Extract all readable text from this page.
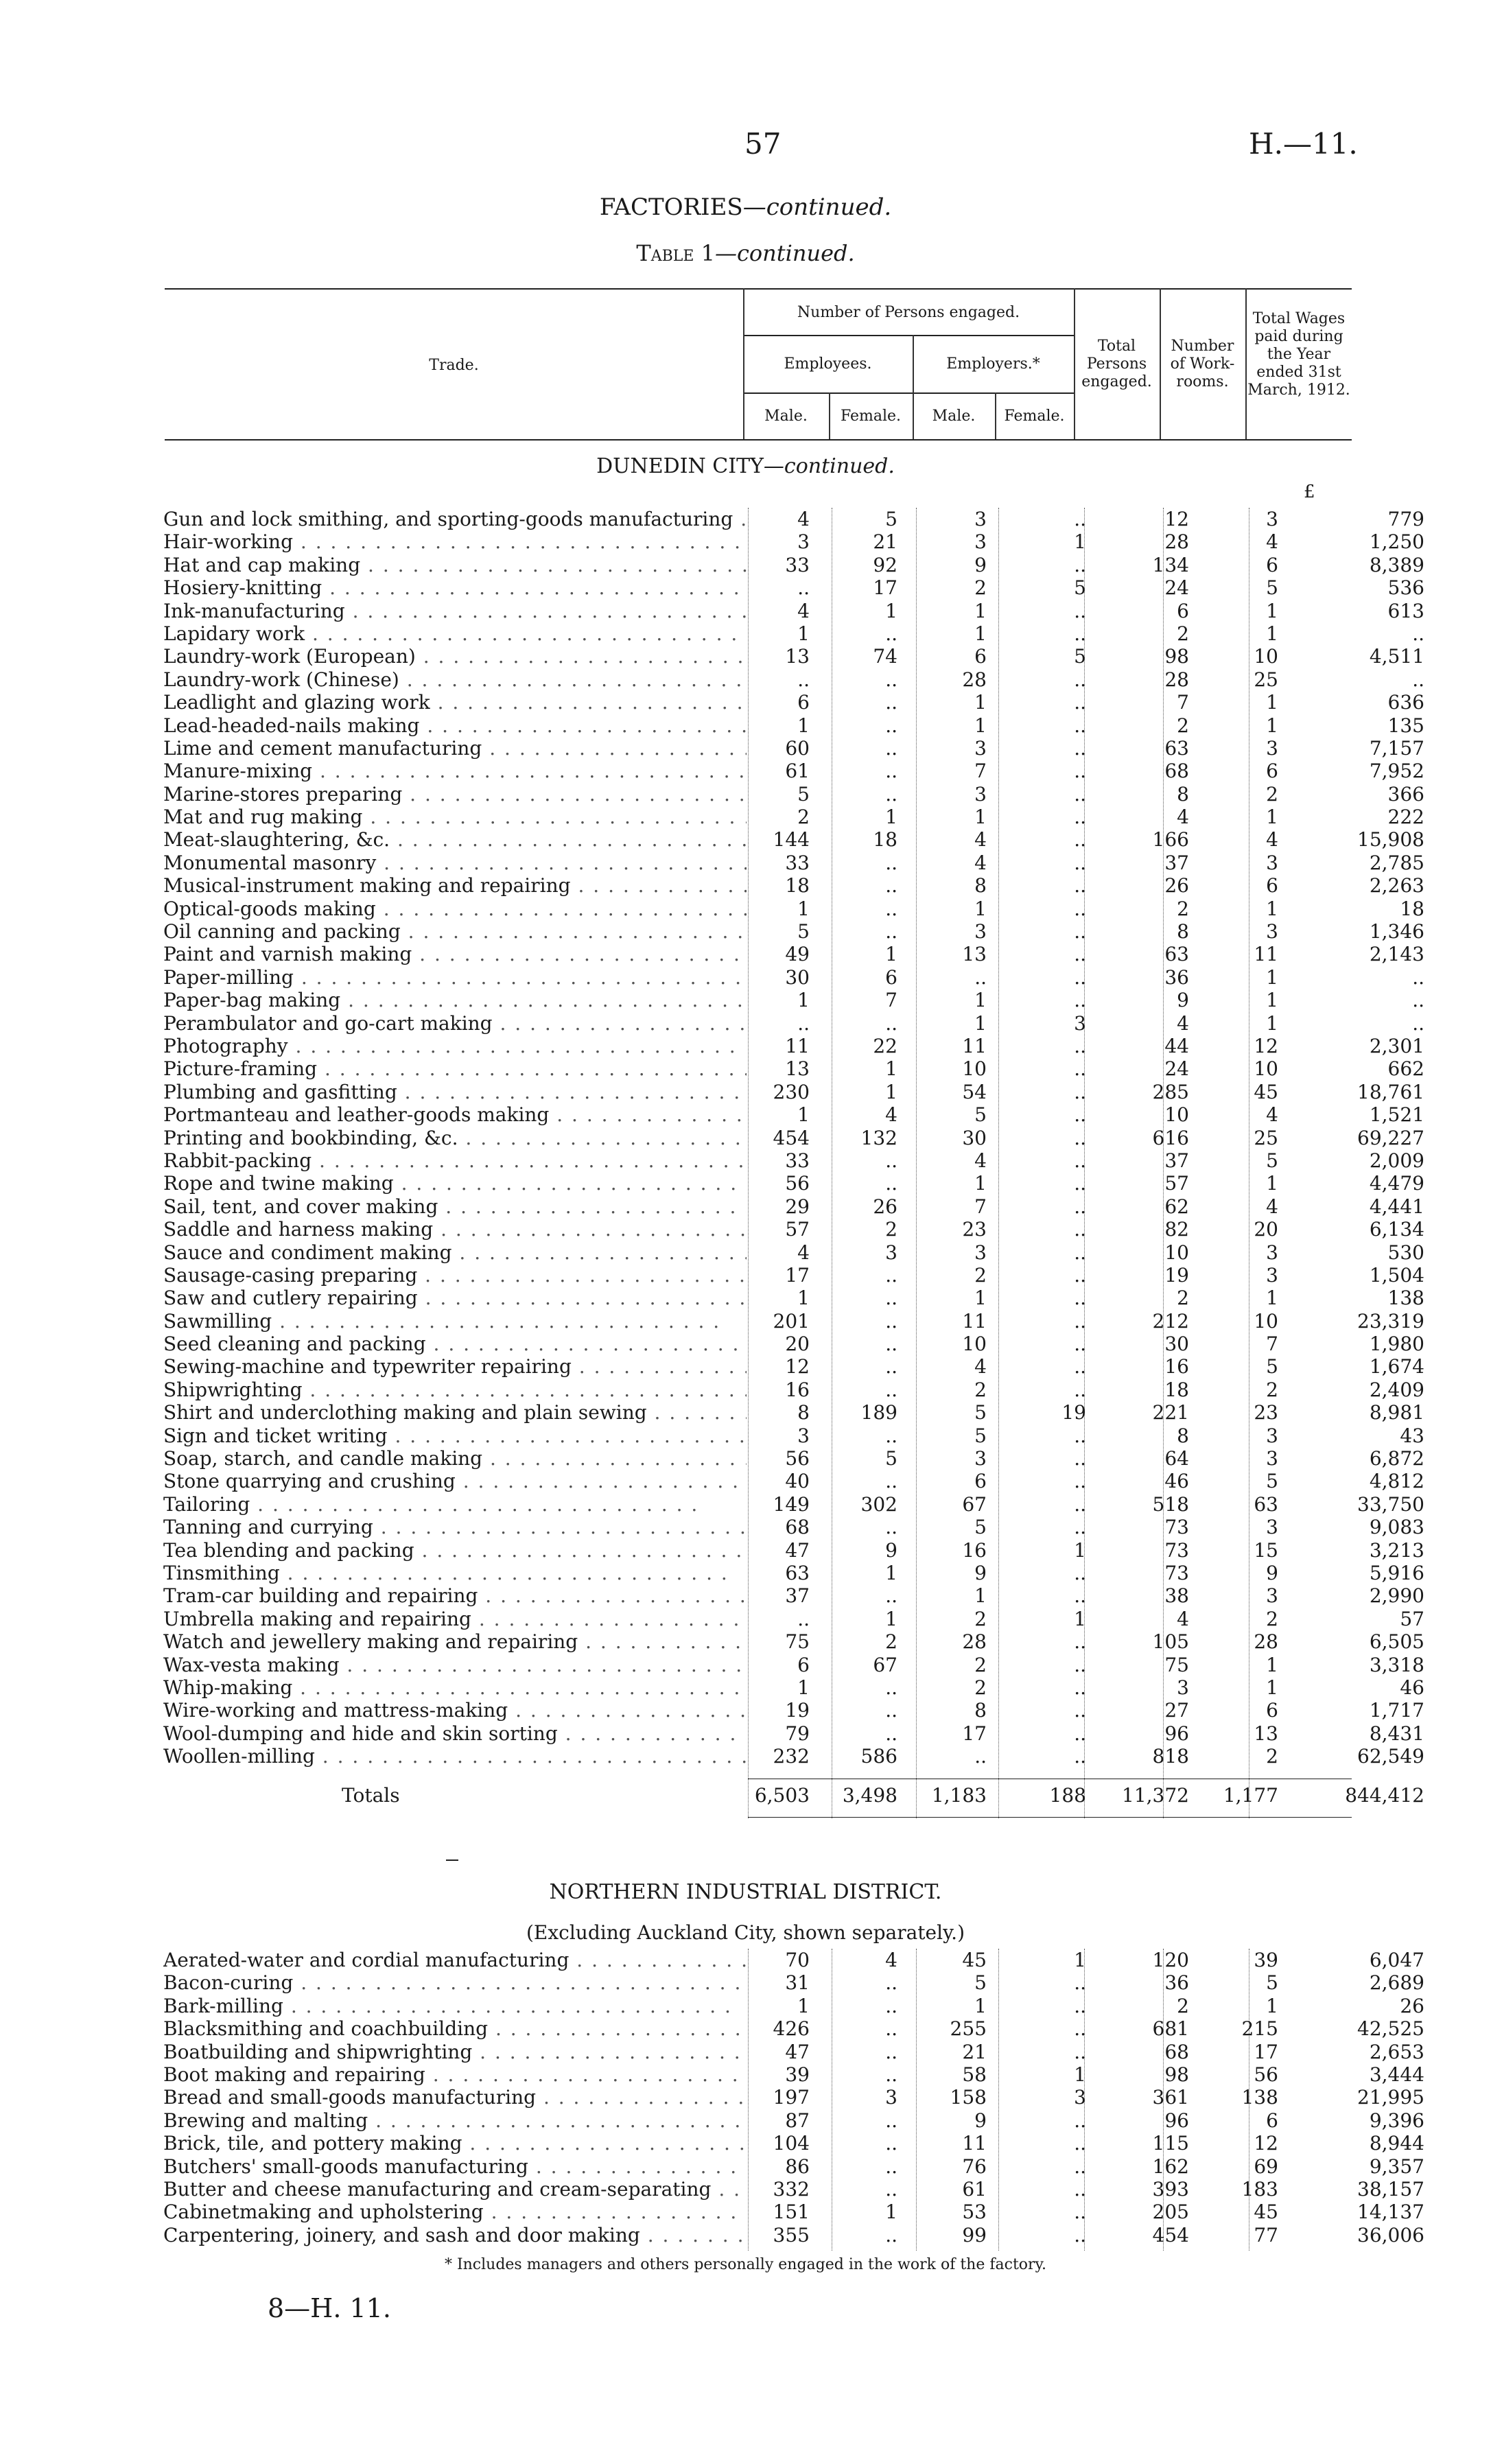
57	H.—11.
FACTORIES—continued.
Table 1—continued.
Trade.
Number of Persons engaged.
Employees.	Employers.*
Male.	Female.	Male.	Female.
Total Persons engaged.
Number of Work-rooms.
Total Wages paid during the Year ended 31st March, 1912.
DUNEDIN CITY—continued.
£
Gun and lock smithing, and sporting-goods manufacturing . .	4	5	3	..	12	3	779
Hair-working . .	3	21	3	1	28	4	1,250
Hat and cap making . .	33	92	9	..	134	6	8,389
Hosiery-knitting . .	..	17	2	5	24	5	536
Ink-manufacturing . .	4	1	1	..	6	1	613
Lapidary work . .	1	..	1	..	2	1	..
Laundry-work (European) . .	13	74	6	5	98	10	4,511
Laundry-work (Chinese) . .	..	..	28	..	28	25	..
Leadlight and glazing work . .	6	..	1	..	7	1	636
Lead-headed-nails making . .	1	..	1	..	2	1	135
Lime and cement manufacturing . .	60	..	3	..	63	3	7,157
Manure-mixing . .	61	..	7	..	68	6	7,952
Marine-stores preparing . .	5	..	3	..	8	2	366
Mat and rug making . .	2	1	1	..	4	1	222
Meat-slaughtering, &c. . .	144	18	4	..	166	4	15,908
Monumental masonry . .	33	..	4	..	37	3	2,785
Musical-instrument making and repairing . .	18	..	8	..	26	6	2,263
Optical-goods making . .	1	..	1	..	2	1	18
Oil canning and packing . .	5	..	3	..	8	3	1,346
Paint and varnish making . .	49	1	13	..	63	11	2,143
Paper-milling . .	30	6	..	..	36	1	..
Paper-bag making . .	1	7	1	..	9	1	..
Perambulator and go-cart making . .	..	..	1	3	4	1	..
Photography . .	11	22	11	..	44	12	2,301
Picture-framing . .	13	1	10	..	24	10	662
Plumbing and gasfitting . .	230	1	54	..	285	45	18,761
Portmanteau and leather-goods making . .	1	4	5	..	10	4	1,521
Printing and bookbinding, &c. . .	454	132	30	..	616	25	69,227
Rabbit-packing . .	33	..	4	..	37	5	2,009
Rope and twine making . .	56	..	1	..	57	1	4,479
Sail, tent, and cover making . .	29	26	7	..	62	4	4,441
Saddle and harness making . .	57	2	23	..	82	20	6,134
Sauce and condiment making . .	4	3	3	..	10	3	530
Sausage-casing preparing . .	17	..	2	..	19	3	1,504
Saw and cutlery repairing . .	1	..	1	..	2	1	138
Sawmilling . .	201	..	11	..	212	10	23,319
Seed cleaning and packing . .	20	..	10	..	30	7	1,980
Sewing-machine and typewriter repairing . .	12	..	4	..	16	5	1,674
Shipwrighting . .	16	..	2	..	18	2	2,409
Shirt and underclothing making and plain sewing . .	8	189	5	19	221	23	8,981
Sign and ticket writing . .	3	..	5	..	8	3	43
Soap, starch, and candle making . .	56	5	3	..	64	3	6,872
Stone quarrying and crushing . .	40	..	6	..	46	5	4,812
Tailoring . .	149	302	67	..	518	63	33,750
Tanning and currying . .	68	..	5	..	73	3	9,083
Tea blending and packing . .	47	9	16	1	73	15	3,213
Tinsmithing . .	63	1	9	..	73	9	5,916
Tram-car building and repairing . .	37	..	1	..	38	3	2,990
Umbrella making and repairing . .	..	1	2	1	4	2	57
Watch and jewellery making and repairing . .	75	2	28	..	105	28	6,505
Wax-vesta making . .	6	67	2	..	75	1	3,318
Whip-making . .	1	..	2	..	3	1	46
Wire-working and mattress-making . .	19	..	8	..	27	6	1,717
Wool-dumping and hide and skin sorting . .	79	..	17	..	96	13	8,431
Woollen-milling . .	232	586	..	..	818	2	62,549
Totals	6,503	3,498	1,183	188	11,372	1,177	844,412
NORTHERN INDUSTRIAL DISTRICT.
(Excluding Auckland City, shown separately.)
Aerated-water and cordial manufacturing . .	70	4	45	1	120	39	6,047
Bacon-curing . .	31	..	5	..	36	5	2,689
Bark-milling . .	1	..	1	..	2	1	26
Blacksmithing and coachbuilding . .	426	..	255	..	681	215	42,525
Boatbuilding and shipwrighting . .	47	..	21	..	68	17	2,653
Boot making and repairing . .	39	..	58	1	98	56	3,444
Bread and small-goods manufacturing . .	197	3	158	3	361	138	21,995
Brewing and malting . .	87	..	9	..	96	6	9,396
Brick, tile, and pottery making . .	104	..	11	..	115	12	8,944
Butchers' small-goods manufacturing . .	86	..	76	..	162	69	9,357
Butter and cheese manufacturing and cream-separating . .	332	..	61	..	393	183	38,157
Cabinetmaking and upholstering . .	151	1	53	..	205	45	14,137
Carpentering, joinery, and sash and door making . .	355	..	99	..	454	77	36,006
* Includes managers and others personally engaged in the work of the factory.
8—H. 11.
